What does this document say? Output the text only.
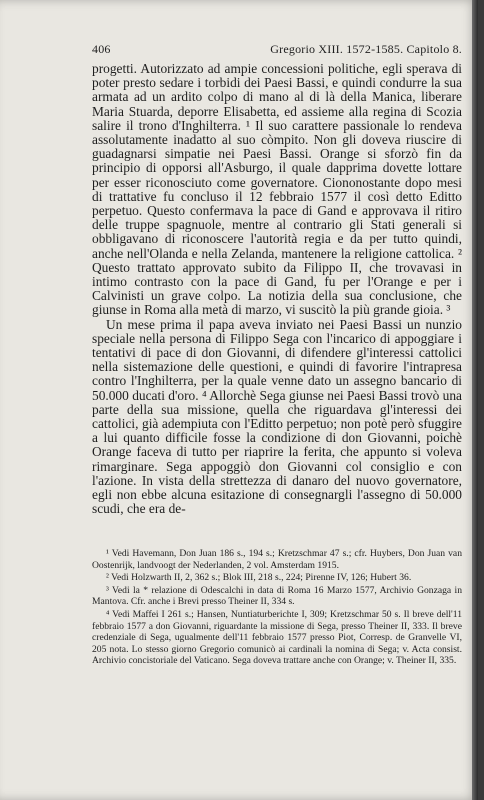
406	Gregorio XIII. 1572-1585. Capitolo 8.

progetti. Autorizzato ad ampie concessioni politiche, egli sperava di poter presto sedare i torbidi dei Paesi Bassi, e quindi condurre la sua armata ad un ardito colpo di mano al di là della Manica, liberare Maria Stuarda, deporre Elisabetta, ed assieme alla regina di Scozia salire il trono d'Inghilterra. ¹ Il suo carattere passionale lo rendeva assolutamente inadatto al suo còmpito. Non gli doveva riuscire di guadagnarsi simpatie nei Paesi Bassi. Orange si sforzò fin da principio di opporsi all'Asburgo, il quale dapprima dovette lottare per esser riconosciuto come governatore. Ciononostante dopo mesi di trattative fu concluso il 12 febbraio 1577 il così detto Editto perpetuo. Questo confermava la pace di Gand e approvava il ritiro delle truppe spagnuole, mentre al contrario gli Stati generali si obbligavano di riconoscere l'autorità regia e da per tutto quindi, anche nell'Olanda e nella Zelanda, mantenere la religione cattolica. ² Questo trattato approvato subito da Filippo II, che trovavasi in intimo contrasto con la pace di Gand, fu per l'Orange e per i Calvinisti un grave colpo. La notizia della sua conclusione, che giunse in Roma alla metà di marzo, vi suscitò la più grande gioia. ³

Un mese prima il papa aveva inviato nei Paesi Bassi un nunzio speciale nella persona di Filippo Sega con l'incarico di appoggiare i tentativi di pace di don Giovanni, di difendere gl'interessi cattolici nella sistemazione delle questioni, e quindi di favorire l'intrapresa contro l'Inghilterra, per la quale venne dato un assegno bancario di 50.000 ducati d'oro. ⁴ Allorchè Sega giunse nei Paesi Bassi trovò una parte della sua missione, quella che riguardava gl'interessi dei cattolici, già adempiuta con l'Editto perpetuo; non potè però sfuggire a lui quanto difficile fosse la condizione di don Giovanni, poichè Orange faceva di tutto per riaprire la ferita, che appunto si voleva rimarginare. Sega appoggiò don Giovanni col consiglio e con l'azione. In vista della strettezza di danaro del nuovo governatore, egli non ebbe alcuna esitazione di consegnargli l'assegno di 50.000 scudi, che era de-

¹ Vedi Havemann, Don Juan 186 s., 194 s.; Kretzschmar 47 s.; cfr. Huybers, Don Juan van Oostenrijk, landvoogt der Nederlanden, 2 vol. Amsterdam 1915.

² Vedi Holzwarth II, 2, 362 s.; Blok III, 218 s., 224; Pirenne IV, 126; Hubert 36.

³ Vedi la * relazione di Odescalchi in data di Roma 16 Marzo 1577, Archivio Gonzaga in Mantova. Cfr. anche i Brevi presso Theiner II, 334 s.

⁴ Vedi Maffei I 261 s.; Hansen, Nuntiaturberichte I, 309; Kretzschmar 50 s. Il breve dell'11 febbraio 1577 a don Giovanni, riguardante la missione di Sega, presso Theiner II, 333. Il breve credenziale di Sega, ugualmente dell'11 febbraio 1577 presso Piot, Corresp. de Granvelle VI, 205 nota. Lo stesso giorno Gregorio comunicò ai cardinali la nomina di Sega; v. Acta consist. Archivio concistoriale del Vaticano. Sega doveva trattare anche con Orange; v. Theiner II, 335.
